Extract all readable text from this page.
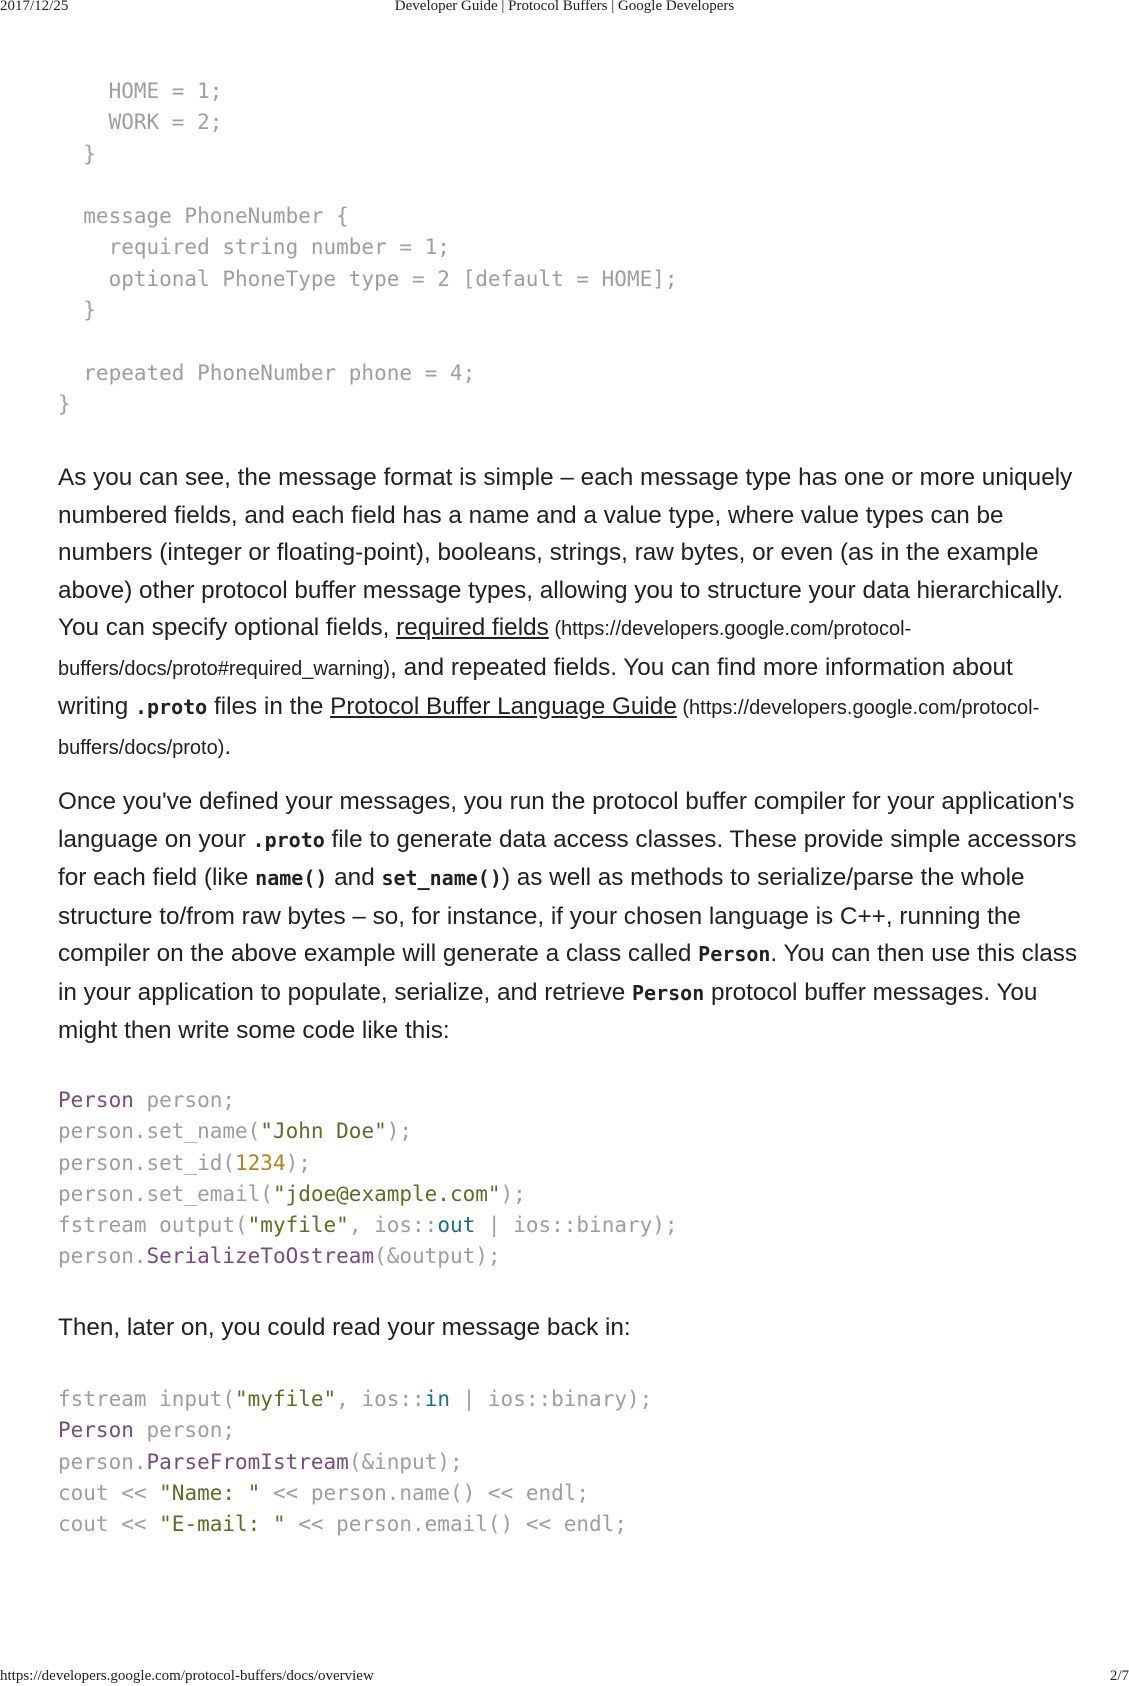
2017/12/25	Developer Guide | Protocol Buffers | Google Developers
HOME = 1;
WORK = 2;
}

message PhoneNumber {
required string number = 1;
optional PhoneType type = 2 [default = HOME];
}

repeated PhoneNumber phone = 4;
}

As you can see, the message format is simple – each message type has one or more uniquely numbered fields, and each field has a name and a value type, where value types can be numbers (integer or floating-point), booleans, strings, raw bytes, or even (as in the example above) other protocol buffer message types, allowing you to structure your data hierarchically. You can specify optional fields, required fields (https://developers.google.com/protocol-buffers/docs/proto#required_warning), and repeated fields. You can find more information about writing .proto files in the Protocol Buffer Language Guide (https://developers.google.com/protocol-buffers/docs/proto).

Once you've defined your messages, you run the protocol buffer compiler for your application's language on your .proto file to generate data access classes. These provide simple accessors for each field (like name() and set_name()) as well as methods to serialize/parse the whole structure to/from raw bytes – so, for instance, if your chosen language is C++, running the compiler on the above example will generate a class called Person. You can then use this class in your application to populate, serialize, and retrieve Person protocol buffer messages. You might then write some code like this:

Person person;
person.set_name("John Doe");
person.set_id(1234);
person.set_email("jdoe@example.com");
fstream output("myfile", ios::out | ios::binary);
person.SerializeToOstream(&output);

Then, later on, you could read your message back in:

fstream input("myfile", ios::in | ios::binary);
Person person;
person.ParseFromIstream(&input);
cout << "Name: " << person.name() << endl;
cout << "E-mail: " << person.email() << endl;
https://developers.google.com/protocol-buffers/docs/overview	2/7
